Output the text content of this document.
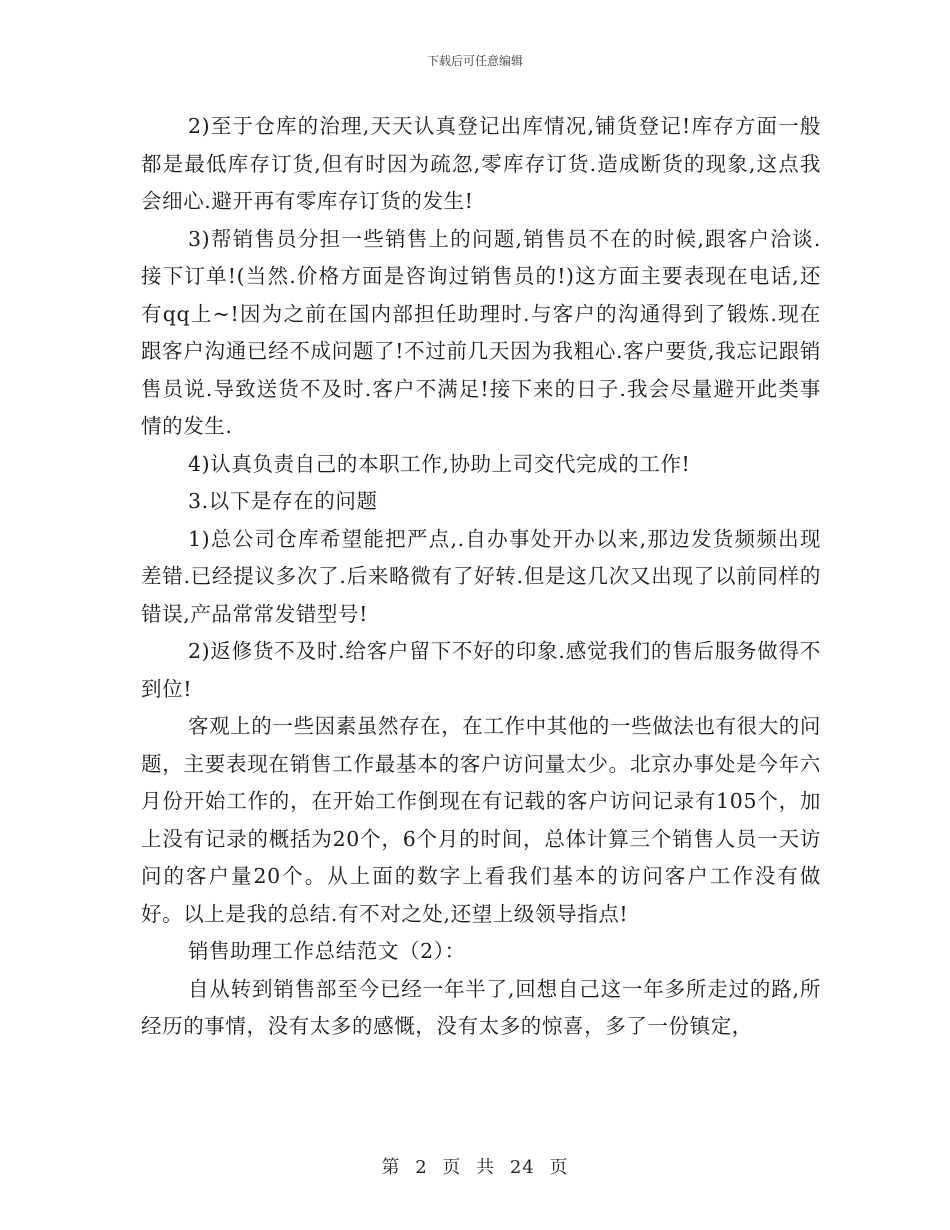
下载后可任意编辑

2)至于仓库的治理,天天认真登记出库情况,铺货登记!库存方面一般都是最低库存订货,但有时因为疏忽,零库存订货.造成断货的现象,这点我会细心.避开再有零库存订货的发生!

3)帮销售员分担一些销售上的问题,销售员不在的时候,跟客户洽谈.接下订单!(当然.价格方面是咨询过销售员的!)这方面主要表现在电话,还有qq上~!因为之前在国内部担任助理时.与客户的沟通得到了锻炼.现在跟客户沟通已经不成问题了!不过前几天因为我粗心.客户要货,我忘记跟销售员说.导致送货不及时.客户不满足!接下来的日子.我会尽量避开此类事情的发生.

4)认真负责自己的本职工作,协助上司交代完成的工作!

3.以下是存在的问题

1)总公司仓库希望能把严点,.自办事处开办以来,那边发货频频出现差错.已经提议多次了.后来略微有了好转.但是这几次又出现了以前同样的错误,产品常常发错型号!

2)返修货不及时.给客户留下不好的印象.感觉我们的售后服务做得不到位!

客观上的一些因素虽然存在，在工作中其他的一些做法也有很大的问题，主要表现在销售工作最基本的客户访问量太少。北京办事处是今年六月份开始工作的，在开始工作倒现在有记载的客户访问记录有105个，加上没有记录的概括为20个，6个月的时间，总体计算三个销售人员一天访问的客户量20个。从上面的数字上看我们基本的访问客户工作没有做好。以上是我的总结.有不对之处,还望上级领导指点!

销售助理工作总结范文（2）：

自从转到销售部至今已经一年半了,回想自己这一年多所走过的路,所经历的事情，没有太多的感慨，没有太多的惊喜，多了一份镇定，

第 2 页 共 24 页
